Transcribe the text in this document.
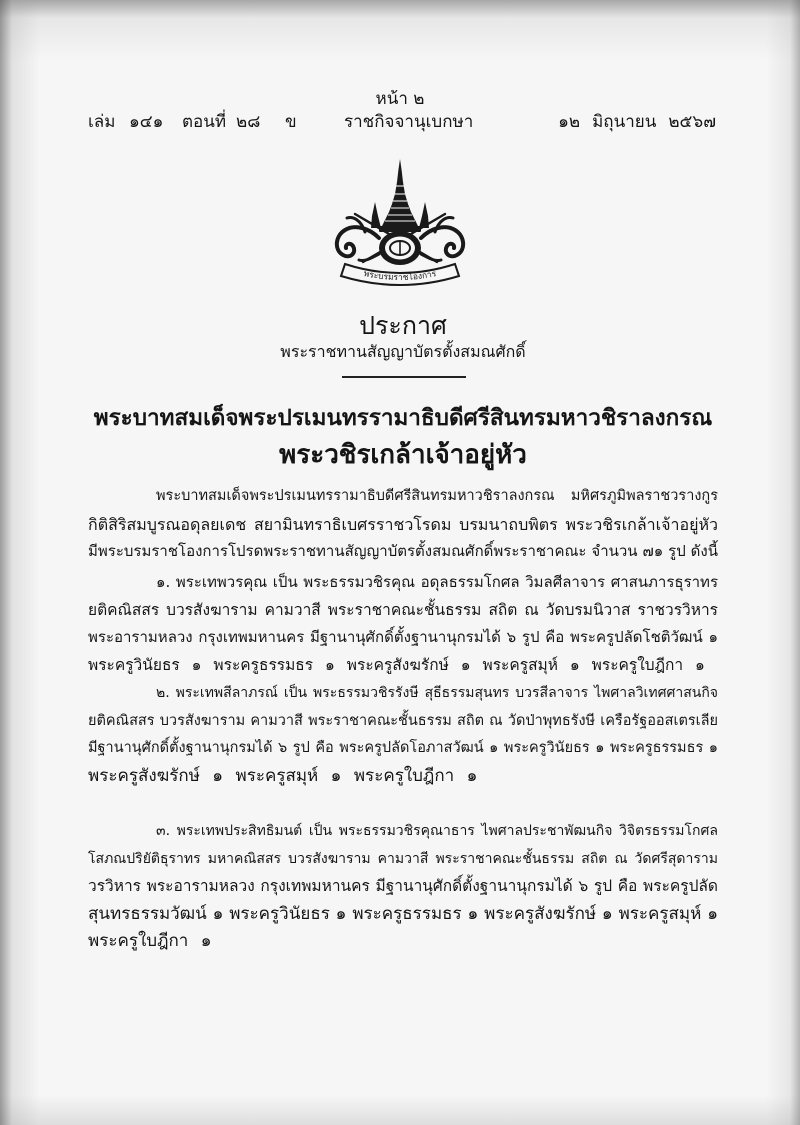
หน้า ๒
เล่ม ๑๔๑ ตอนที่ ๒๘ ข	ราชกิจจานุเบกษา	๑๒ มิถุนายน ๒๕๖๗
พระบรมราชโองการ
ประกาศ
พระราชทานสัญญาบัตรตั้งสมณศักดิ์
พระบาทสมเด็จพระปรเมนทรรามาธิบดีศรีสินทรมหาวชิราลงกรณ
พระวชิรเกล้าเจ้าอยู่หัว
พระบาทสมเด็จพระปรเมนทรรามาธิบดีศรีสินทรมหาวชิราลงกรณ มหิศรภูมิพลราชวรางกูร
กิติสิริสมบูรณอดุลยเดช สยามินทราธิเบศรราชวโรดม บรมนาถบพิตร พระวชิรเกล้าเจ้าอยู่หัว
มีพระบรมราชโองการโปรดพระราชทานสัญญาบัตรตั้งสมณศักดิ์พระราชาคณะ จำนวน ๗๑ รูป ดังนี้
๑. พระเทพวรคุณ เป็น พระธรรมวชิรคุณ อดุลธรรมโกศล วิมลศีลาจาร ศาสนภารธุราทร
ยติคณิสสร บวรสังฆาราม คามวาสี พระราชาคณะชั้นธรรม สถิต ณ วัดบรมนิวาส ราชวรวิหาร
พระอารามหลวง กรุงเทพมหานคร มีฐานานุศักดิ์ตั้งฐานานุกรมได้ ๖ รูป คือ พระครูปลัดโชติวัฒน์ ๑
พระครูวินัยธร ๑ พระครูธรรมธร ๑ พระครูสังฆรักษ์ ๑ พระครูสมุห์ ๑ พระครูใบฎีกา ๑
๒. พระเทพสีลาภรณ์ เป็น พระธรรมวชิรรังษี สุธีธรรมสุนทร บวรสีลาจาร ไพศาลวิเทศศาสนกิจ
ยติคณิสสร บวรสังฆาราม คามวาสี พระราชาคณะชั้นธรรม สถิต ณ วัดป่าพุทธรังษี เครือรัฐออสเตรเลีย
มีฐานานุศักดิ์ตั้งฐานานุกรมได้ ๖ รูป คือ พระครูปลัดโอภาสวัฒน์ ๑ พระครูวินัยธร ๑ พระครูธรรมธร ๑
พระครูสังฆรักษ์ ๑ พระครูสมุห์ ๑ พระครูใบฎีกา ๑
๓. พระเทพประสิทธิมนต์ เป็น พระธรรมวชิรคุณาธาร ไพศาลประชาพัฒนกิจ วิจิตรธรรมโกศล
โสภณปริยัติธุราทร มหาคณิสสร บวรสังฆาราม คามวาสี พระราชาคณะชั้นธรรม สถิต ณ วัดศรีสุดาราม
วรวิหาร พระอารามหลวง กรุงเทพมหานคร มีฐานานุศักดิ์ตั้งฐานานุกรมได้ ๖ รูป คือ พระครูปลัด
สุนทรธรรมวัฒน์ ๑ พระครูวินัยธร ๑ พระครูธรรมธร ๑ พระครูสังฆรักษ์ ๑ พระครูสมุห์ ๑
พระครูใบฎีกา ๑
